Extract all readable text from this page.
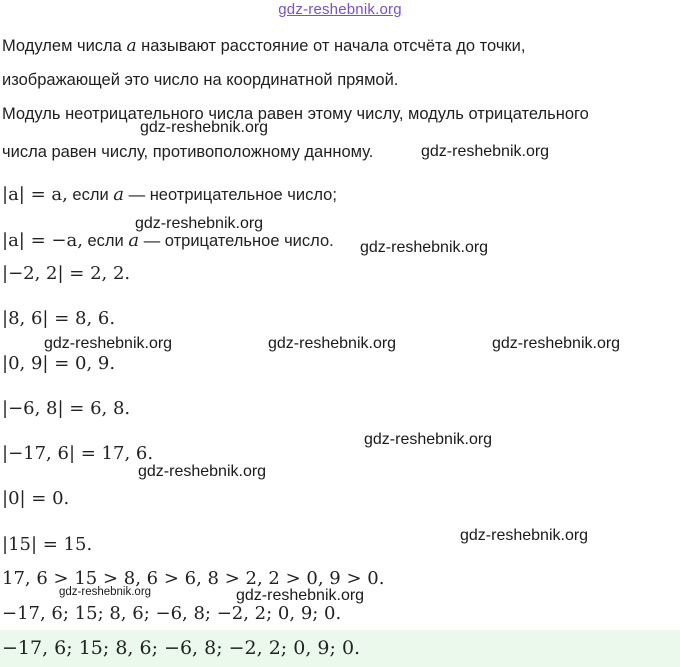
gdz-reshebnik.org
Модулем числа a называют расстояние от начала отсчёта до точки,
изображающей это число на координатной прямой.
Модуль неотрицательного числа равен этому числу, модуль отрицательного
числа равен числу, противоположному данному.
|a| = a, если a — неотрицательное число;
|a| = −a, если a — отрицательное число.
|−2, 2| = 2, 2.
|8, 6| = 8, 6.
|0, 9| = 0, 9.
|−6, 8| = 6, 8.
|−17, 6| = 17, 6.
|0| = 0.
|15| = 15.
17, 6 > 15 > 8, 6 > 6, 8 > 2, 2 > 0, 9 > 0.
−17, 6; 15; 8, 6; −6, 8; −2, 2; 0, 9; 0.
−17, 6; 15; 8, 6; −6, 8; −2, 2; 0, 9; 0.
gdz-reshebnik.org
gdz-reshebnik.org
gdz-reshebnik.org
gdz-reshebnik.org
gdz-reshebnik.org	gdz-reshebnik.org	gdz-reshebnik.org
gdz-reshebnik.org
gdz-reshebnik.org
gdz-reshebnik.org
gdz-reshebnik.org	gdz-reshebnik.org
